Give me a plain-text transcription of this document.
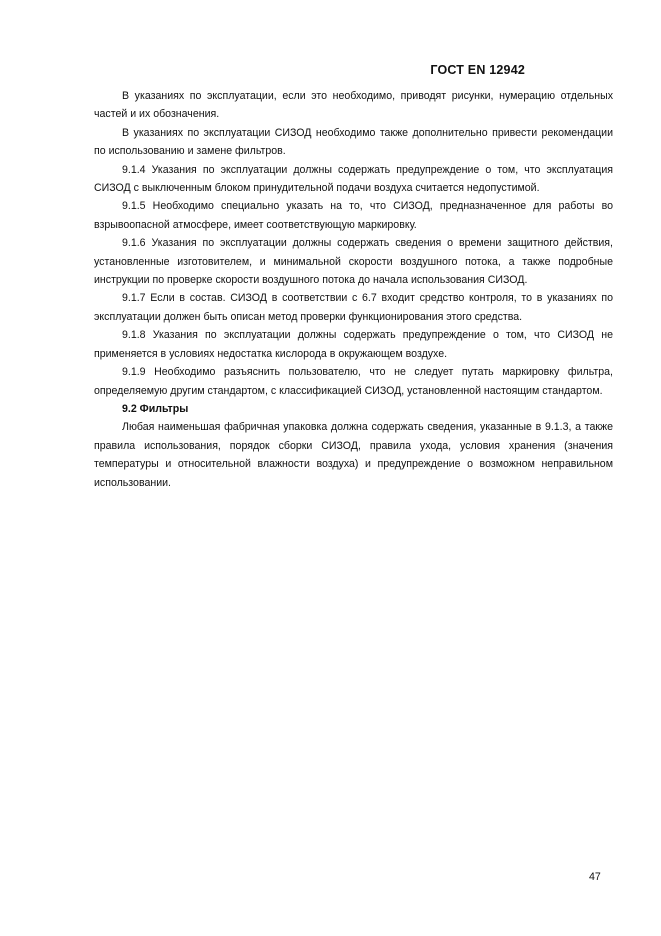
ГОСТ EN 12942

В указаниях по эксплуатации, если это необходимо, приводят рисунки, нумерацию отдельных частей и их обозначения.

В указаниях по эксплуатации СИЗОД необходимо также дополнительно привести рекомендации по использованию и замене фильтров.

9.1.4 Указания по эксплуатации должны содержать предупреждение о том, что эксплуатация СИЗОД с выключенным блоком принудительной подачи воздуха считается недопустимой.

9.1.5 Необходимо специально указать на то, что СИЗОД, предназначенное для работы во взрывоопасной атмосфере, имеет соответствующую маркировку.

9.1.6 Указания по эксплуатации должны содержать сведения о времени защитного действия, установленные изготовителем, и минимальной скорости воздушного потока, а также подробные инструкции по проверке скорости воздушного потока до начала использования СИЗОД.

9.1.7 Если в состав. СИЗОД в соответствии с 6.7 входит средство контроля, то в указаниях по эксплуатации должен быть описан метод проверки функционирования этого средства.

9.1.8 Указания по эксплуатации должны содержать предупреждение о том, что СИЗОД не применяется в условиях недостатка кислорода в окружающем воздухе.

9.1.9 Необходимо разъяснить пользователю, что не следует путать маркировку фильтра, определяемую другим стандартом, с классификацией СИЗОД, установленной настоящим стандартом.

9.2 Фильтры

Любая наименьшая фабричная упаковка должна содержать сведения, указанные в 9.1.3, а также правила использования, порядок сборки СИЗОД, правила ухода, условия хранения (значения температуры и относительной влажности воздуха) и предупреждение о возможном неправильном использовании.

47
